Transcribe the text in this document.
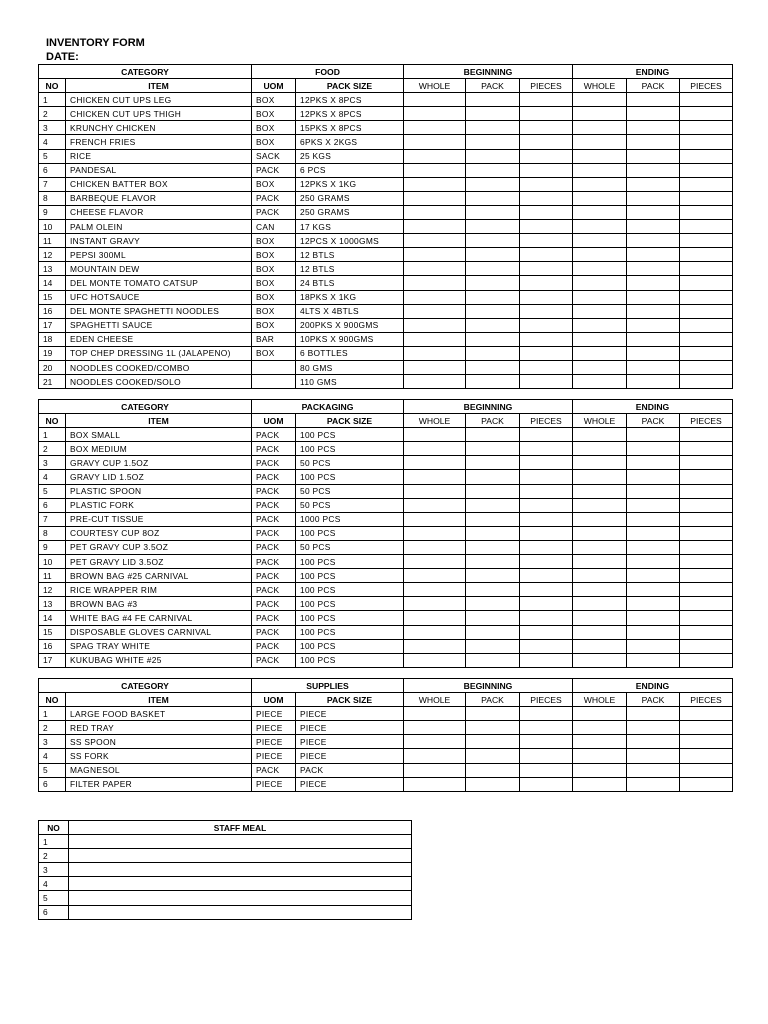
INVENTORY FORM
DATE:
CATEGORY		FOOD		BEGINNING			ENDING		
NO	ITEM	UOM	PACK SIZE	WHOLE	PACK	PIECES	WHOLE	PACK	PIECES
1	CHICKEN CUT UPS LEG	BOX	12PKS X 8PCS						
2	CHICKEN CUT UPS THIGH	BOX	12PKS X 8PCS						
3	KRUNCHY CHICKEN	BOX	15PKS X 8PCS						
4	FRENCH FRIES	BOX	6PKS X 2KGS						
5	RICE	SACK	25 KGS						
6	PANDESAL	PACK	6 PCS						
7	CHICKEN BATTER BOX	BOX	12PKS X 1KG						
8	BARBEQUE FLAVOR	PACK	250 GRAMS						
9	CHEESE FLAVOR	PACK	250 GRAMS						
10	PALM OLEIN	CAN	17 KGS						
11	INSTANT GRAVY	BOX	12PCS X 1000GMS						
12	PEPSI 300ML	BOX	12 BTLS						
13	MOUNTAIN DEW	BOX	12 BTLS						
14	DEL MONTE TOMATO CATSUP	BOX	24 BTLS						
15	UFC HOTSAUCE	BOX	18PKS X 1KG						
16	DEL MONTE SPAGHETTI NOODLES	BOX	4LTS X 4BTLS						
17	SPAGHETTI SAUCE	BOX	200PKS X 900GMS						
18	EDEN CHEESE	BAR	10PKS X 900GMS						
19	TOP CHEP DRESSING 1L (JALAPENO)	BOX	6 BOTTLES						
20	NOODLES COOKED/COMBO		80 GMS						
21	NOODLES COOKED/SOLO		110 GMS						
CATEGORY		PACKAGING		BEGINNING			ENDING		
NO	ITEM	UOM	PACK SIZE	WHOLE	PACK	PIECES	WHOLE	PACK	PIECES
1	BOX SMALL	PACK	100 PCS						
2	BOX MEDIUM	PACK	100 PCS						
3	GRAVY CUP 1.5OZ	PACK	50 PCS						
4	GRAVY LID 1.5OZ	PACK	100 PCS						
5	PLASTIC SPOON	PACK	50 PCS						
6	PLASTIC FORK	PACK	50 PCS						
7	PRE-CUT TISSUE	PACK	1000 PCS						
8	COURTESY CUP 8OZ	PACK	100 PCS						
9	PET GRAVY CUP 3.5OZ	PACK	50 PCS						
10	PET GRAVY LID 3.5OZ	PACK	100 PCS						
11	BROWN BAG #25 CARNIVAL	PACK	100 PCS						
12	RICE WRAPPER RIM	PACK	100 PCS						
13	BROWN BAG #3	PACK	100 PCS						
14	WHITE BAG #4 FE CARNIVAL	PACK	100 PCS						
15	DISPOSABLE GLOVES CARNIVAL	PACK	100 PCS						
16	SPAG TRAY WHITE	PACK	100 PCS						
17	KUKUBAG WHITE #25	PACK	100 PCS						
CATEGORY		SUPPLIES		BEGINNING			ENDING		
NO	ITEM	UOM	PACK SIZE	WHOLE	PACK	PIECES	WHOLE	PACK	PIECES
1	LARGE FOOD BASKET	PIECE	PIECE						
2	RED TRAY	PIECE	PIECE						
3	SS SPOON	PIECE	PIECE						
4	SS FORK	PIECE	PIECE						
5	MAGNESOL	PACK	PACK						
6	FILTER PAPER	PIECE	PIECE						
NO	STAFF MEAL
1	
2	
3	
4	
5	
6	
